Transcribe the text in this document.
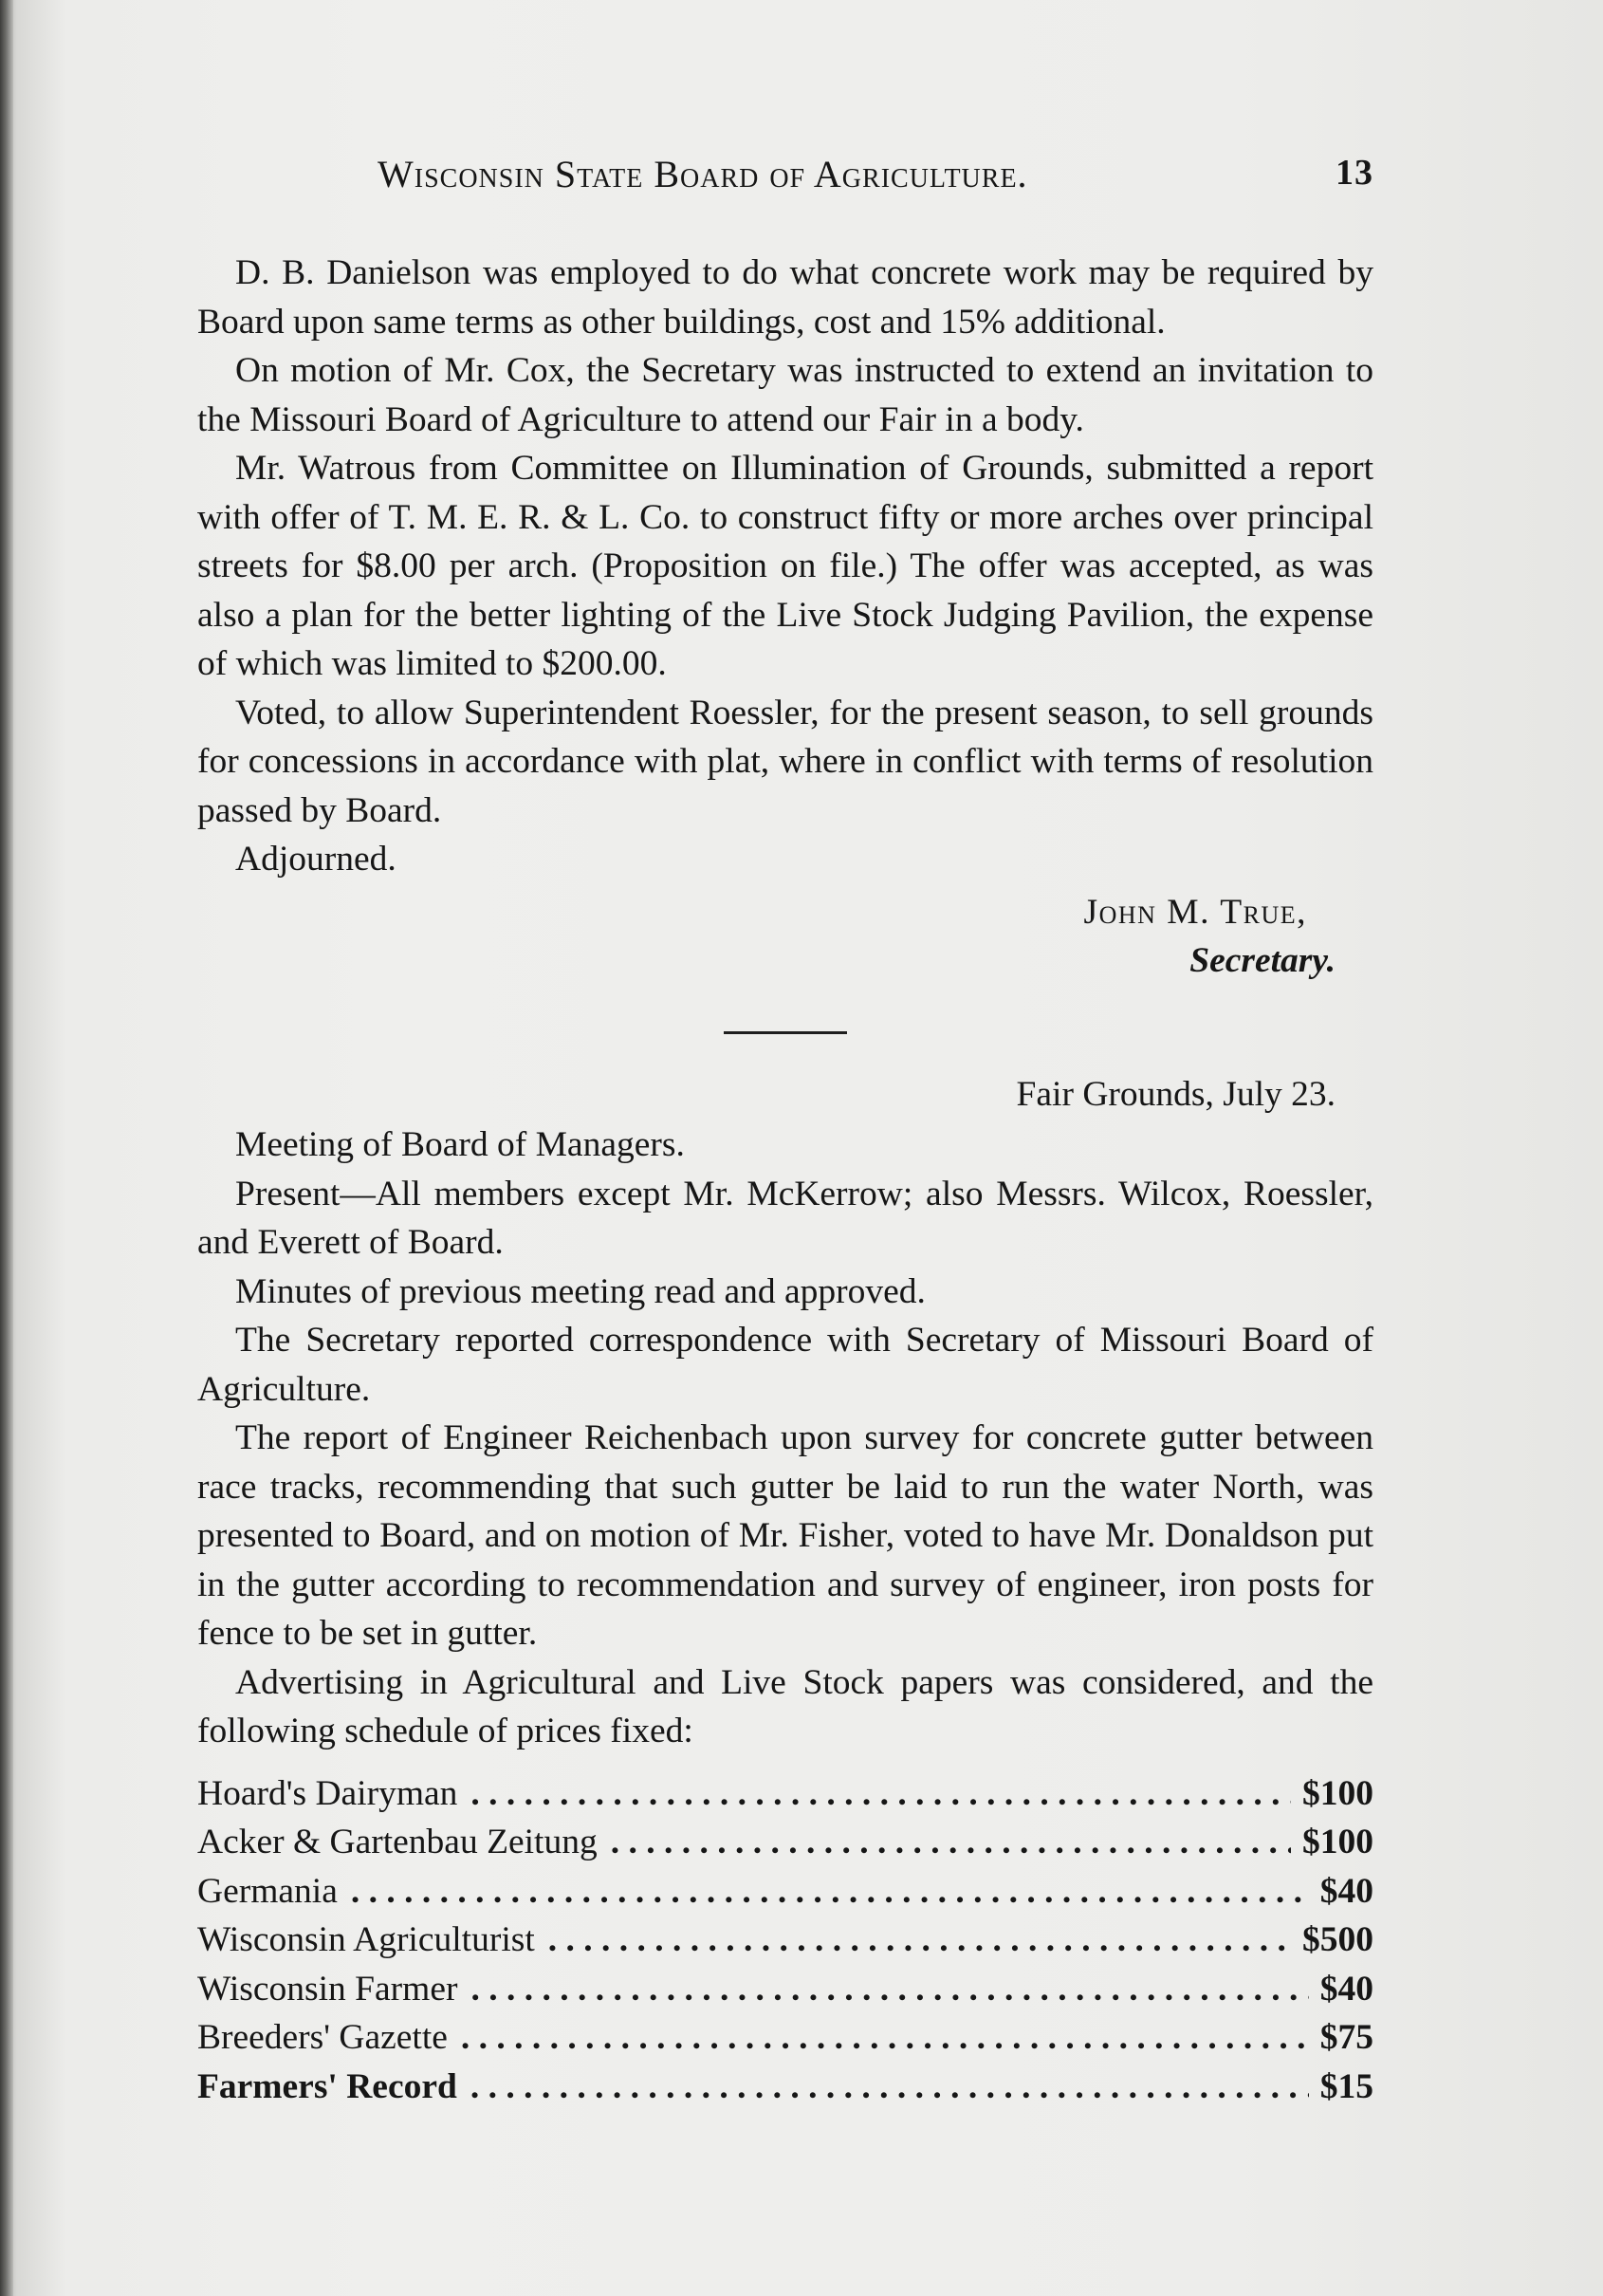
Wisconsin State Board of Agriculture.	13

D. B. Danielson was employed to do what concrete work may be required by Board upon same terms as other buildings, cost and 15% additional.

On motion of Mr. Cox, the Secretary was instructed to extend an invitation to the Missouri Board of Agriculture to attend our Fair in a body.

Mr. Watrous from Committee on Illumination of Grounds, submitted a report with offer of T. M. E. R. & L. Co. to construct fifty or more arches over principal streets for $8.00 per arch. (Proposition on file.) The offer was accepted, as was also a plan for the better lighting of the Live Stock Judging Pavilion, the expense of which was limited to $200.00.

Voted, to allow Superintendent Roessler, for the present season, to sell grounds for concessions in accordance with plat, where in conflict with terms of resolution passed by Board.

Adjourned.

John M. True,
Secretary.
Fair Grounds, July 23.

Meeting of Board of Managers.

Present—All members except Mr. McKerrow; also Messrs. Wilcox, Roessler, and Everett of Board.

Minutes of previous meeting read and approved.

The Secretary reported correspondence with Secretary of Missouri Board of Agriculture.

The report of Engineer Reichenbach upon survey for concrete gutter between race tracks, recommending that such gutter be laid to run the water North, was presented to Board, and on motion of Mr. Fisher, voted to have Mr. Donaldson put in the gutter according to recommendation and survey of engineer, iron posts for fence to be set in gutter.

Advertising in Agricultural and Live Stock papers was considered, and the following schedule of prices fixed:

Hoard's Dairyman . . .	$100
Acker & Gartenbau Zeitung . . .	$100
Germania . . .	$40
Wisconsin Agriculturist . . .	$500
Wisconsin Farmer . . .	$40
Breeders' Gazette . . .	$75
Farmers' Record . . .	$15
